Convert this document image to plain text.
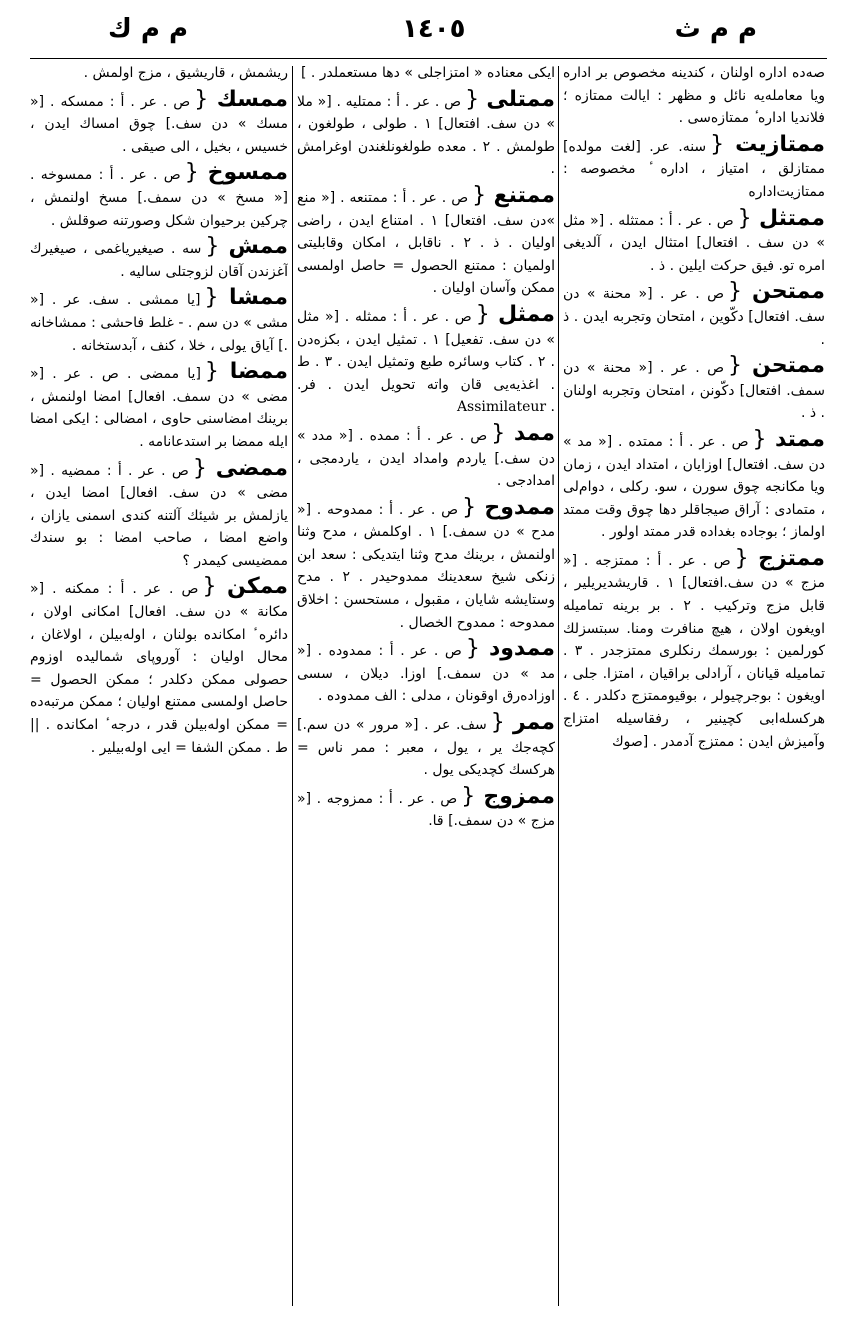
م م ك	١٤٠٥	م م ث
صه‌ده اداره اولنان ، كندينه مخصوص بر اداره ويا معامله‌يه نائل و مظهر : ايالت ممتازه ؛ فلانديا اداره ٔ ممتازه‌سى .
ممتازيت {سنه. عر. [لغت مولده] ممتازلق ، امتياز ، اداره ٔ مخصوصه : ممتازيت‌اداره
ممتثل {ص . عر . أ : ممتثله . [« مثل » دن سف . افتعال] امتثال ايدن ، آلديغى امره تو. فيق حركت ايلين . ذ .
ممتحن {ص . عر . [« محنة » دن سف. افتعال] دكّوين ، امتحان وتجربه ايدن . ذ .
ممتحن {ص . عر . [« محنة » دن سمف. افتعال] دكّونن ، امتحان وتجربه اولنان . ذ .
ممتد {ص . عر . أ : ممتده . [« مد » دن سف. افتعال] اوزايان ، امتداد ايدن ، زمان ويا مكانجه چوق سورن ، سو. ركلى ، دوام‌لى ، متمادى : آراق صيجاقلر دها چوق وقت ممتد اولماز ؛ بوجاده بغداده قدر ممتد اولور .
ممتزج {ص . عر . أ : ممتزجه . [« مزج » دن سف.افتعال] ١ . قاريشديريلير ، قابل مزج وتركيب . ٢ . بر برينه تماميله اويغون اولان ، هيچ منافرت ومنا. سبتسزلك كورلمين : بورسمك رنكلرى ممتزجدر . ٣ . تماميله قيانان ، آرادلى براقيان ، امتزا. جلى ، اويغون : بوجرچيولر ، بوقيوممتزج دكلدر . ٤ . هركسله‌ابى كچينير ، رفقاسيله امتزاج وآميزش ايدن : ممتزج آدمدر . [صوك
ايكى معناده « امتزاجلى » دها مستعملدر . ]
ممتلى {ص . عر . أ : ممتليه . [« ملا » دن سف. افتعال] ١ . طولى ، طولغون ، طولمش . ٢ . معده طولغونلغندن اوغرامش .
ممتنع {ص . عر . أ : ممتنعه . [« منع »دن سف. افتعال] ١ . امتناع ايدن ، راضى اوليان . ذ . ٢ . ناقابل ، امكان وقابليتى اولميان : ممتنع الحصول = حاصل اولمسى ممكن وآسان اوليان .
ممثل {ص . عر . أ : ممثله . [« مثل » دن سف. تفعيل] ١ . تمثيل ايدن ، بكزه‌دن . ٢ . كتاب وسائره طبع وتمثيل ايدن . ٣ . ط . اغذيه‌يى قان واته تحويل ايدن . فر. Assimilateur .
ممد {ص . عر . أ : ممده . [« مدد » دن سف.] ياردم وامداد ايدن ، ياردمجى ، امدادجى .
ممدوح {ص . عر . أ : ممدوحه . [« مدح » دن سمف.] ١ . اوكلمش ، مدح وثنا اولنمش ، برينك مدح وثنا ايتديكى : سعد ابن زنكى شيخ سعدينك ممدوحيدر . ٢ . مدح وستايشه شايان ، مقبول ، مستحسن : اخلاق ممدوحه : ممدوح الخصال .
ممدود {ص . عر . أ : ممدوده . [« مد » دن سمف.] اوزا. ديلان ، سسى اوزاده‌رق اوقونان ، مدلى : الف ممدوده .
ممر {سف. عر . [« مرور » دن سم.] كچه‌جك ير ، يول ، معبر : ممر ناس = هركسك كچديكى يول .
ممزوج {ص . عر . أ : ممزوجه . [« مزج » دن سمف.] قا.
ريشمش ، قاريشيق ، مزج اولمش .
ممسك {ص . عر . أ : ممسكه . [« مسك » دن سف.] چوق امساك ايدن ، خسيس ، بخيل ، الى صيقى .
ممسوخ {ص . عر . أ : ممسوخه . [« مسخ » دن سمف.] مسخ اولنمش ، چركين برحيوان شكل وصورتنه صوقلش .
ممش {سه . صيغيرياغمى ، صيغيرك آغزندن آقان لزوجتلى ساليه .
ممشا {[يا ممشى . سف. عر . [« مشى » دن سم . - غلط فاحشى : ممشاخانه .] آياق يولى ، خلا ، كنف ، آبدستخانه .
ممضا {[يا ممضى . ص . عر . [« مضى » دن سمف. افعال] امضا اولنمش ، برينك امضاسنى حاوى ، امضالى : ايكى امضا ايله ممضا بر استدعانامه .
ممضى {ص . عر . أ : ممضيه . [« مضى » دن سف. افعال] امضا ايدن ، يازلمش بر شيئك آلتنه كندى اسمنى يازان ، واضع امضا ، صاحب امضا : بو سندك ممضيسى كيمدر ؟
ممكن {ص . عر . أ : ممكنه . [« مكانة » دن سف. افعال] امكانى اولان ، دائره ٔ امكانده بولنان ، اوله‌بيلن ، اولاغان ، محال اوليان : آوروپاى شماليده اوزوم حصولى ممكن دكلدر ؛ ممكن الحصول = حاصل اولمسى ممتنع اوليان ؛ ممكن مرتبه‌ده = ممكن اوله‌بيلن قدر ، درجه ٔ امكانده . || ط . ممكن الشفا = ايى اوله‌بيلير .
